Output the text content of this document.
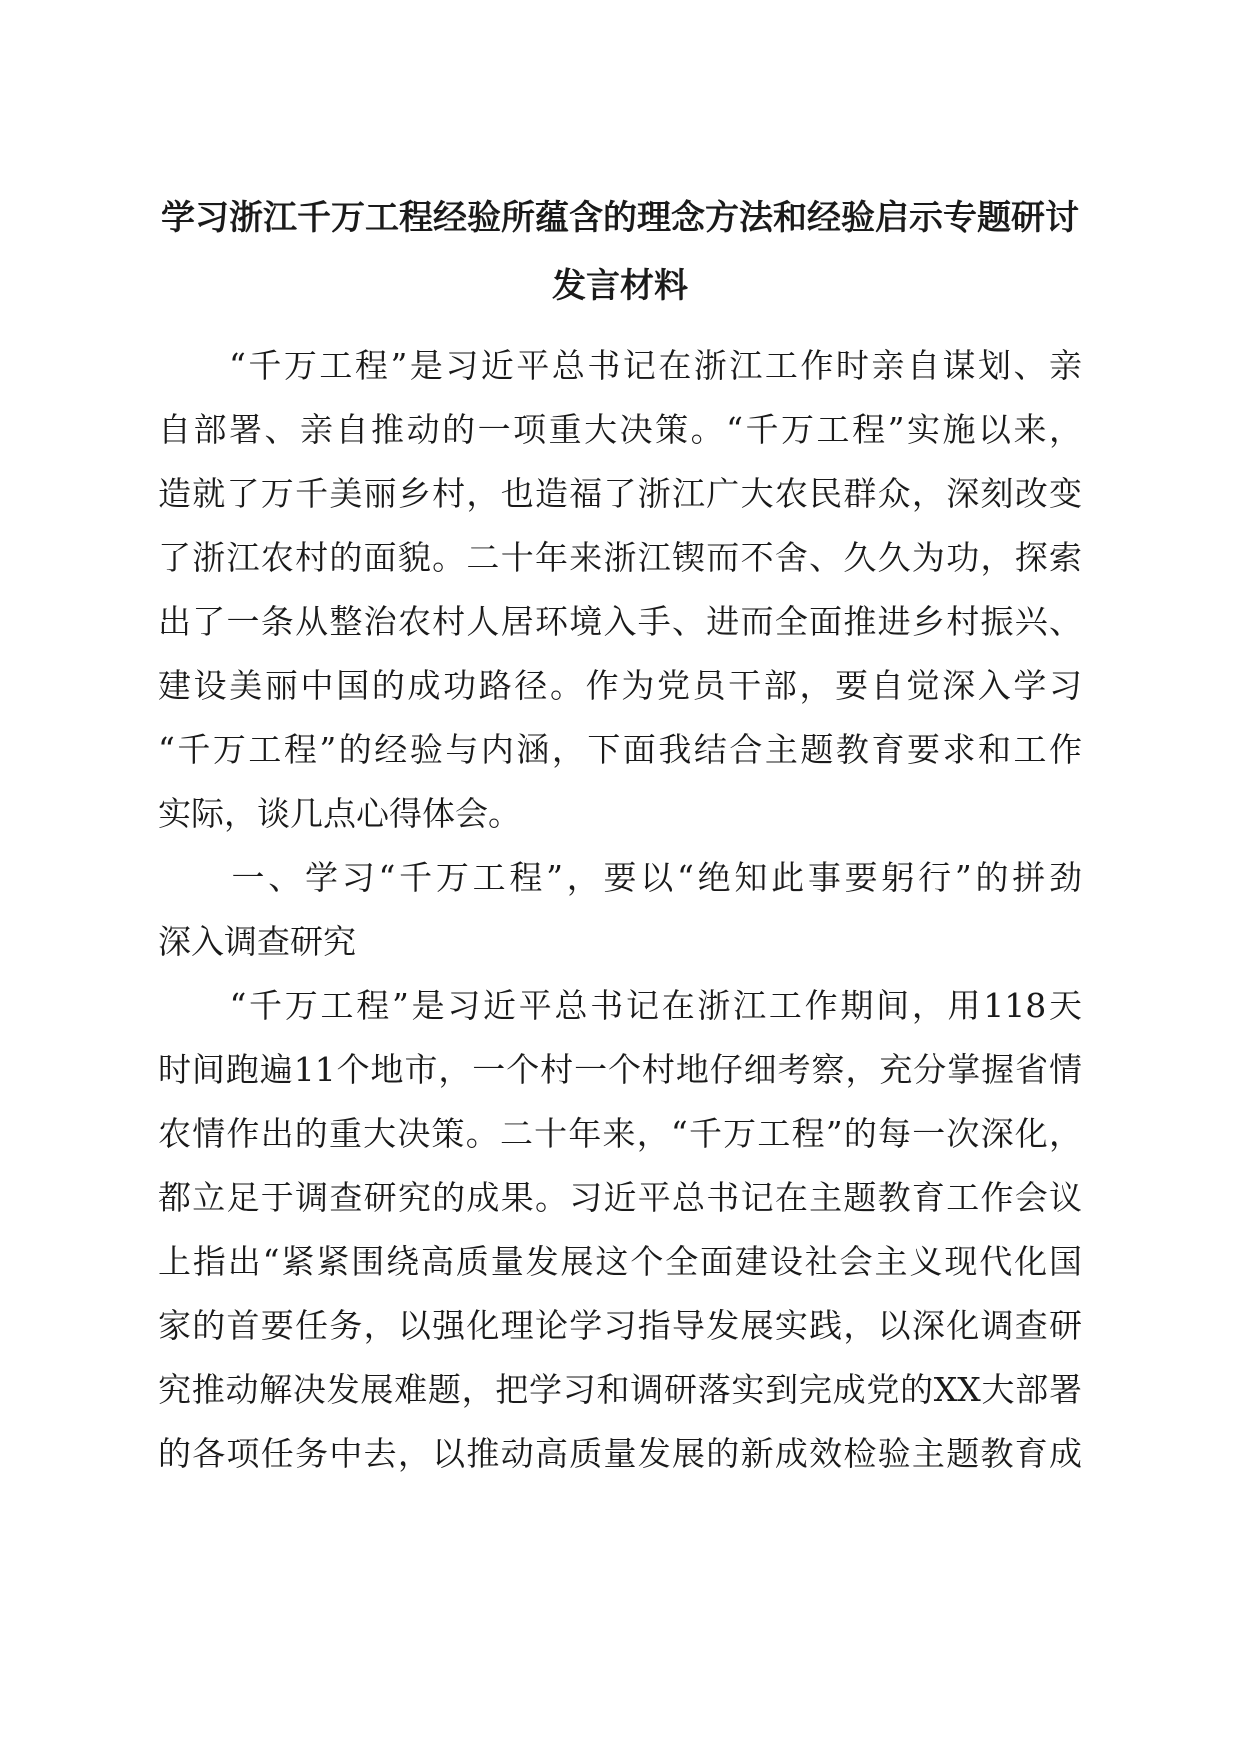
学习浙江千万工程经验所蕴含的理念方法和经验启示专题研讨
发言材料
　　“千万工程”是习近平总书记在浙江工作时亲自谋划、亲
自部署、亲自推动的一项重大决策。“千万工程”实施以来，
造就了万千美丽乡村，也造福了浙江广大农民群众，深刻改变
了浙江农村的面貌。二十年来浙江锲而不舍、久久为功，探索
出了一条从整治农村人居环境入手、进而全面推进乡村振兴、
建设美丽中国的成功路径。作为党员干部，要自觉深入学习
“千万工程”的经验与内涵，下面我结合主题教育要求和工作
实际，谈几点心得体会。
　　一、学习“千万工程”，要以“绝知此事要躬行”的拼劲
深入调查研究
　　“千万工程”是习近平总书记在浙江工作期间，用118天
时间跑遍11个地市，一个村一个村地仔细考察，充分掌握省情
农情作出的重大决策。二十年来，“千万工程”的每一次深化，
都立足于调查研究的成果。习近平总书记在主题教育工作会议
上指出“紧紧围绕高质量发展这个全面建设社会主义现代化国
家的首要任务，以强化理论学习指导发展实践，以深化调查研
究推动解决发展难题，把学习和调研落实到完成党的XX大部署
的各项任务中去，以推动高质量发展的新成效检验主题教育成
